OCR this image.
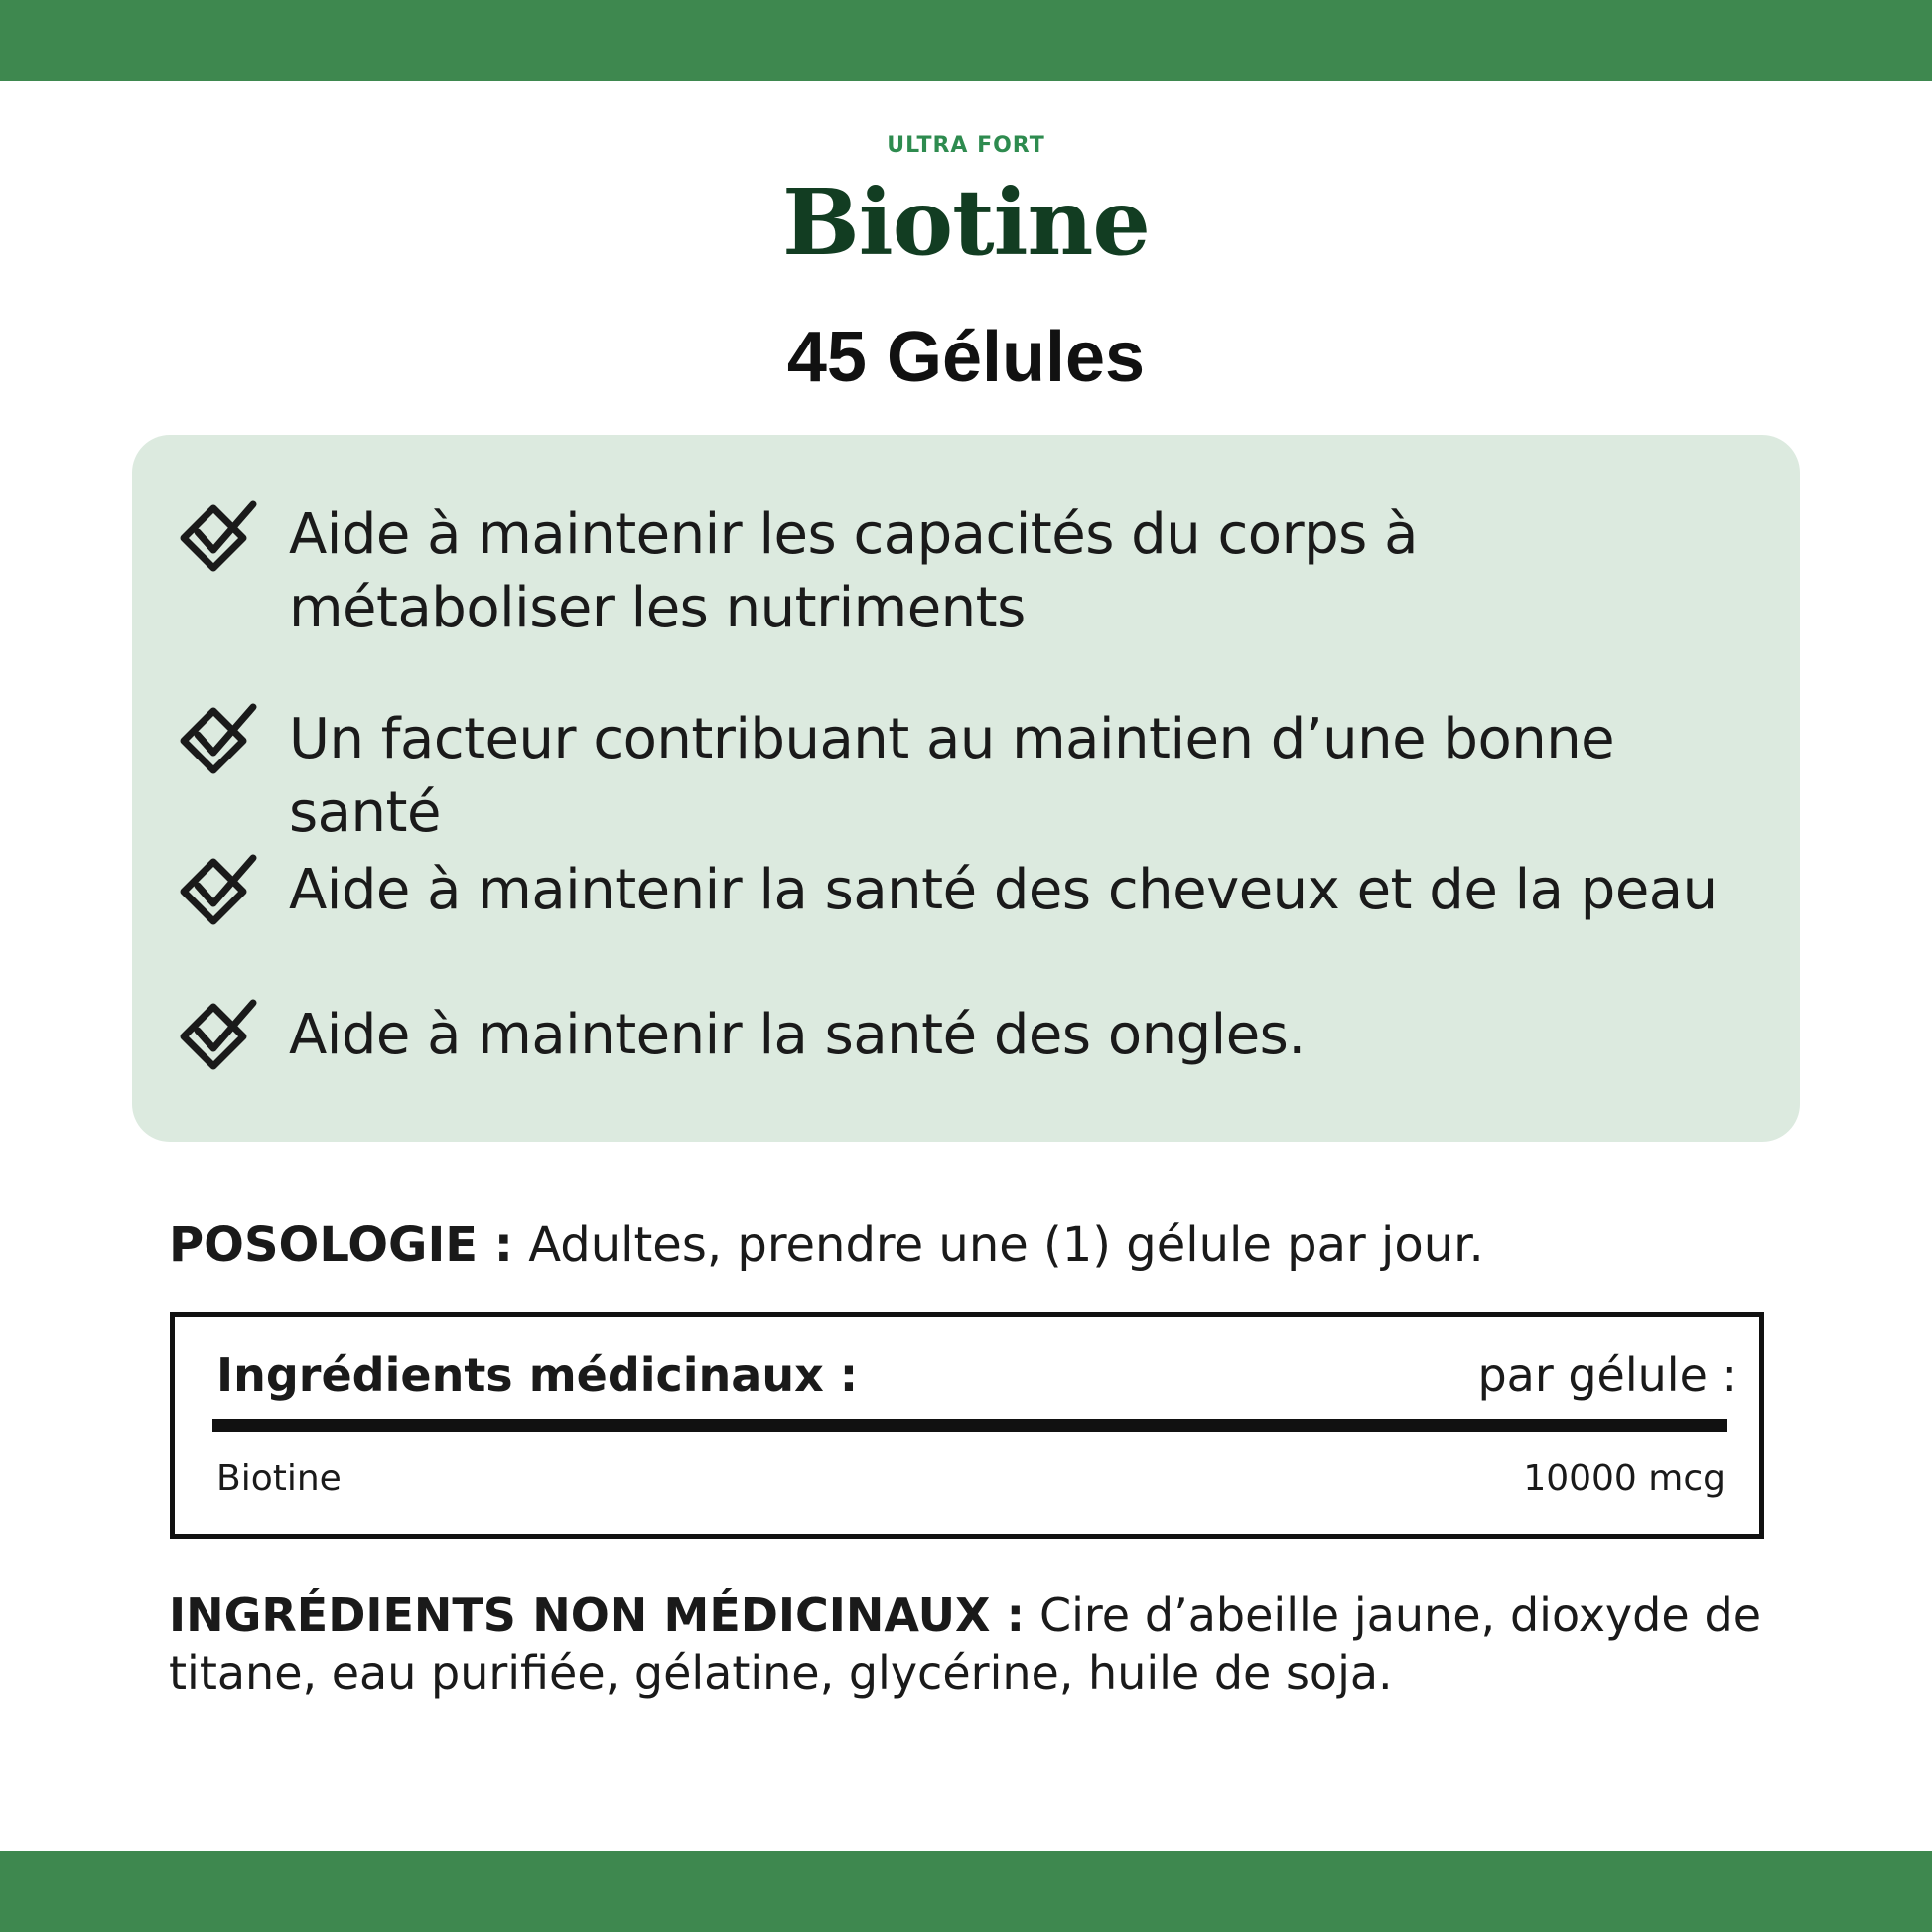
ULTRA FORT
Biotine
45 Gélules
Aide à maintenir les capacités du corps à
métaboliser les nutriments
Un facteur contribuant au maintien d’une bonne santé
Aide à maintenir la santé des cheveux et de la peau
Aide à maintenir la santé des ongles.
POSOLOGIE : Adultes, prendre une (1) gélule par jour.
Ingrédients médicinaux :	par gélule :
Biotine	10000 mcg
INGRÉDIENTS NON MÉDICINAUX : Cire d’abeille jaune, dioxyde de titane, eau purifiée, gélatine, glycérine, huile de soja.
